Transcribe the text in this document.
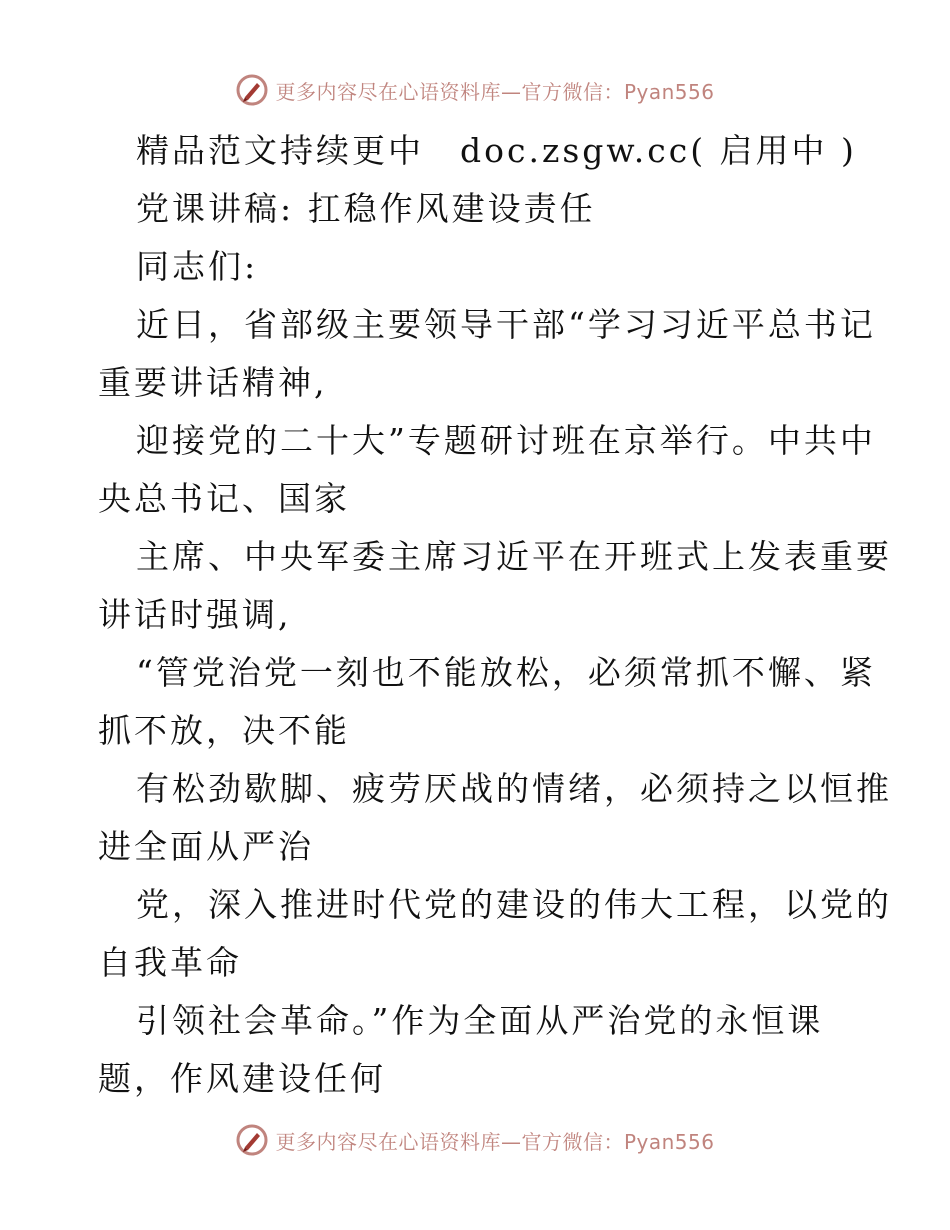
更多内容尽在心语资料库—官方微信：Pyan556
精品范文持续更中　doc.zsgw.cc( 启用中 )
党课讲稿: 扛稳作风建设责任
同志们:
近日，省部级主要领导干部“学习习近平总书记
重要讲话精神,
迎接党的二十大”专题研讨班在京举行。中共中
央总书记、国家
主席、中央军委主席习近平在开班式上发表重要
讲话时强调,
“管党治党一刻也不能放松，必须常抓不懈、紧
抓不放，决不能
有松劲歇脚、疲劳厌战的情绪，必须持之以恒推
进全面从严治
党，深入推进时代党的建设的伟大工程，以党的
自我革命
引领社会革命。”作为全面从严治党的永恒课
题，作风建设任何
更多内容尽在心语资料库—官方微信：Pyan556
